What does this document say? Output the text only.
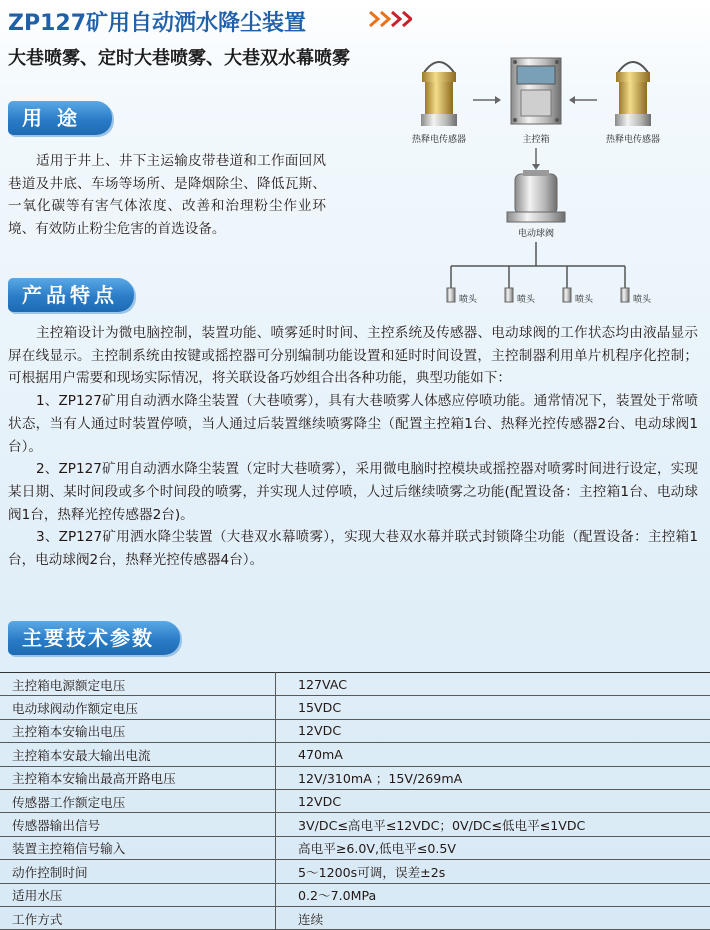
ZP127矿用自动洒水降尘装置
大巷喷雾、定时大巷喷雾、大巷双水幕喷雾
用 途

适用于井上、井下主运输皮带巷道和工作面回风巷道及井底、车场等场所、是降烟除尘、降低瓦斯、一氧化碳等有害气体浓度、改善和治理粉尘作业环境、有效防止粉尘危害的首选设备。

热释电传感器	主控箱	热释电传感器
电动球阀
喷头	喷头	喷头	喷头
产品特点

主控箱设计为微电脑控制，装置功能、喷雾延时时间、主控系统及传感器、电动球阀的工作状态均由液晶显示屏在线显示。主控制系统由按键或摇控器可分别编制功能设置和延时时间设置，主控制器利用单片机程序化控制；可根据用户需要和现场实际情况，将关联设备巧妙组合出各种功能，典型功能如下：

1、ZP127矿用自动洒水降尘装置（大巷喷雾），具有大巷喷雾人体感应停喷功能。通常情况下，装置处于常喷状态，当有人通过时装置停喷，当人通过后装置继续喷雾降尘（配置主控箱1台、热释光控传感器2台、电动球阀1台）。

2、ZP127矿用自动洒水降尘装置（定时大巷喷雾），采用微电脑时控模块或摇控器对喷雾时间进行设定，实现某日期、某时间段或多个时间段的喷雾，并实现人过停喷，人过后继续喷雾之功能(配置设备：主控箱1台、电动球阀1台，热释光控传感器2台)。

3、ZP127矿用洒水降尘装置（大巷双水幕喷雾），实现大巷双水幕并联式封锁降尘功能（配置设备：主控箱1台，电动球阀2台，热释光控传感器4台）。

主要技术参数
主控箱电源额定电压	127VAC
电动球阀动作额定电压	15VDC
主控箱本安输出电压	12VDC
主控箱本安最大输出电流	470mA
主控箱本安输出最高开路电压	12V/310mA ；15V/269mA
传感器工作额定电压	12VDC
传感器输出信号	3V/DC≤高电平≤12VDC；0V/DC≤低电平≤1VDC
装置主控箱信号输入	高电平≥6.0V,低电平≤0.5V
动作控制时间	5～1200s可调，误差±2s
适用水压	0.2～7.0MPa
工作方式	连续
